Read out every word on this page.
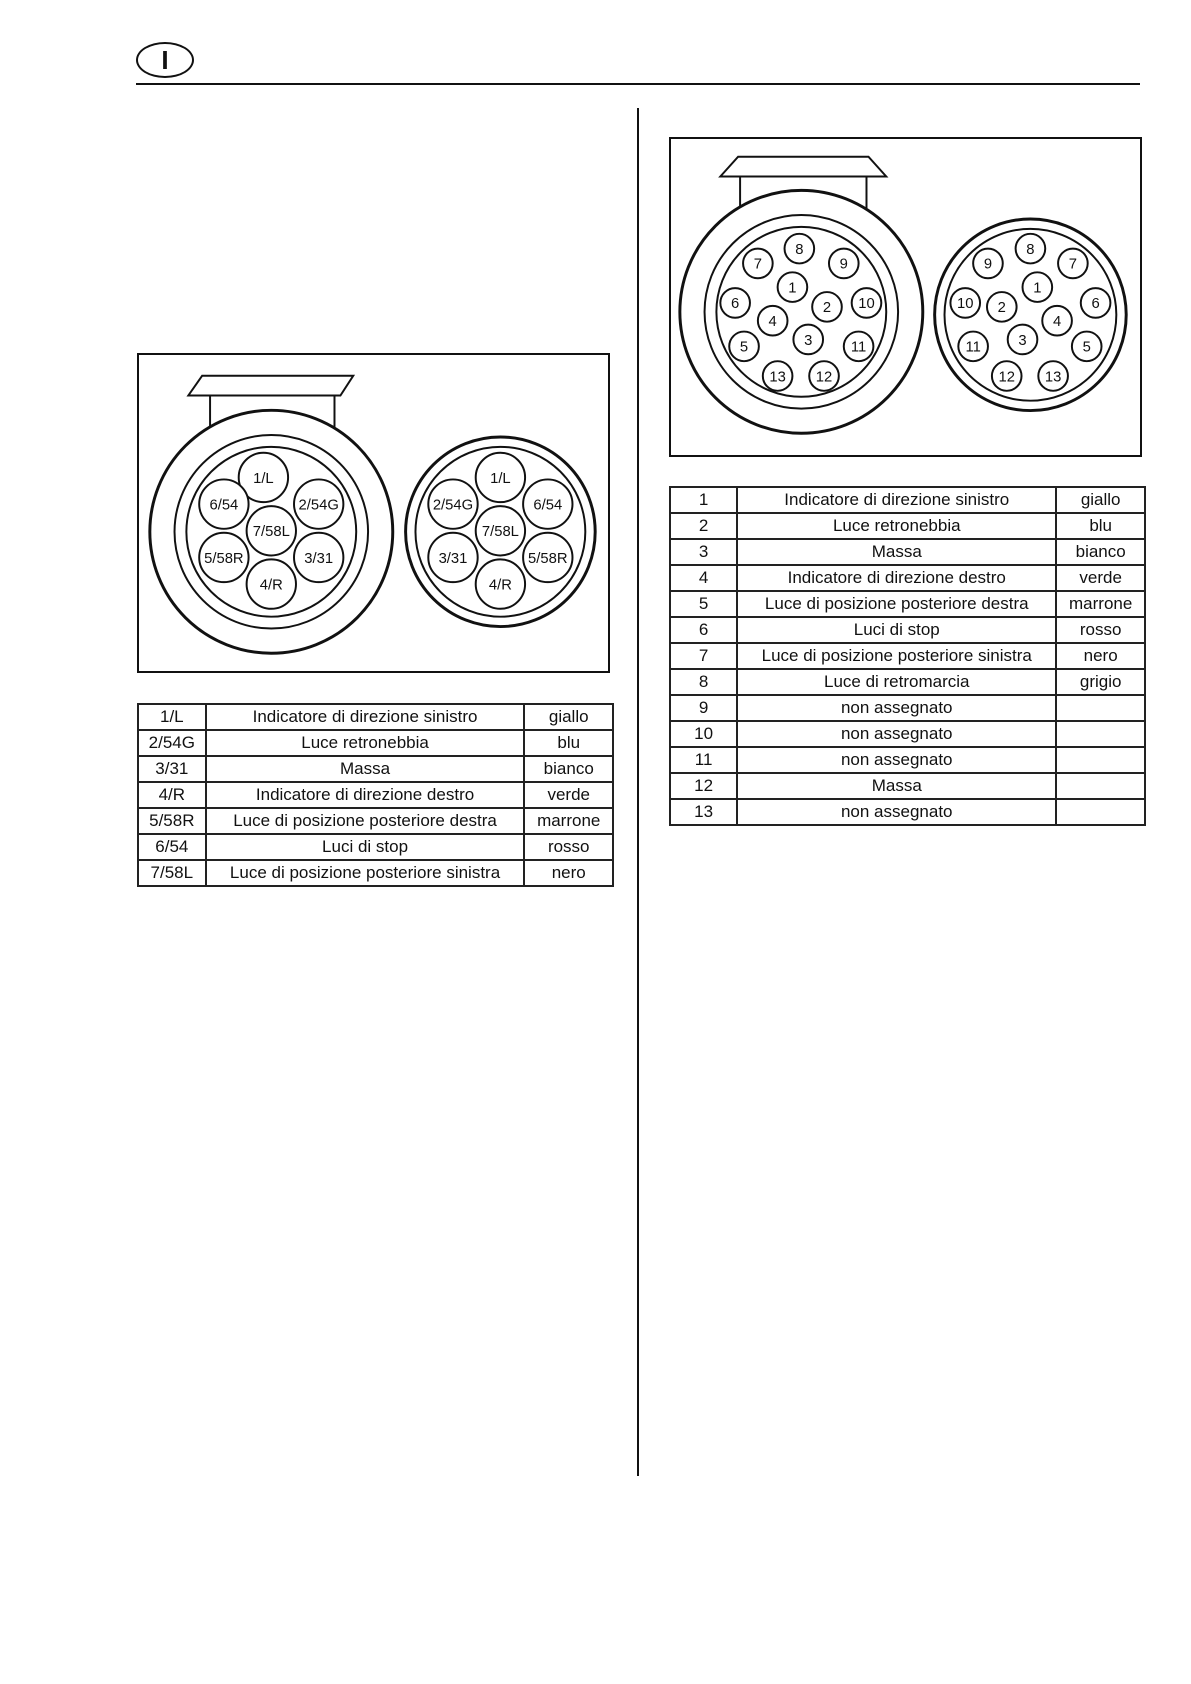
I
1/L
2/54G
6/54
7/58L
5/58R	3/31
4/R
1/L
2/54G	6/54
7/58L
3/31	5/58R
4/R
1/L	Indicatore di direzione sinistro	giallo
2/54G	Luce retronebbia	blu
3/31	Massa	bianco
4/R	Indicatore di direzione destro	verde
5/58R	Luce di posizione posteriore destra	marrone
6/54	Luci di stop	rosso
7/58L	Luce di posizione posteriore sinistra	nero
8
7	9
1
6	10
2
4
3
5	11
13 12
8
9	7
1
10	6
2
4
3
11	5
12 13
1	Indicatore di direzione sinistro	giallo
2	Luce retronebbia	blu
3	Massa	bianco
4	Indicatore di direzione destro	verde
5	Luce di posizione posteriore destra	marrone
6	Luci di stop	rosso
7	Luce di posizione posteriore sinistra	nero
8	Luce di retromarcia	grigio
9	non assegnato	
10	non assegnato	
11	non assegnato	
12	Massa	
13	non assegnato	
